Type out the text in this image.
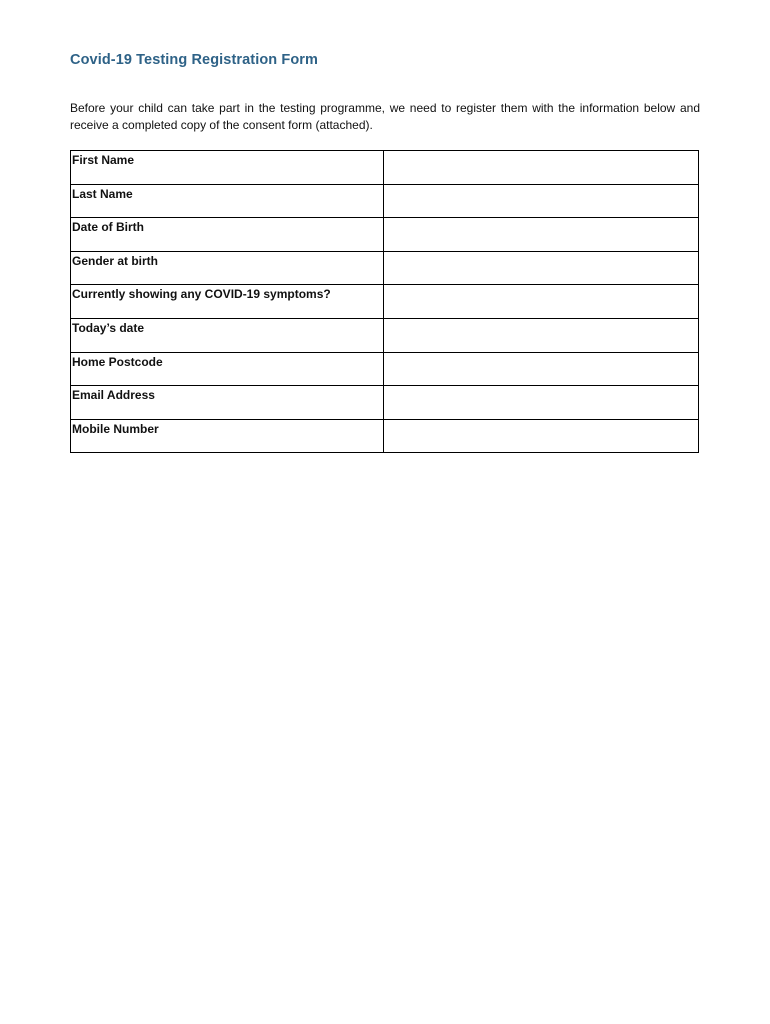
Covid-19 Testing Registration Form
Before your child can take part in the testing programme, we need to register them with the information below and receive a completed copy of the consent form (attached).
First Name	
Last Name	
Date of Birth	
Gender at birth	
Currently showing any COVID-19 symptoms?	
Today’s date	
Home Postcode	
Email Address	
Mobile Number	
